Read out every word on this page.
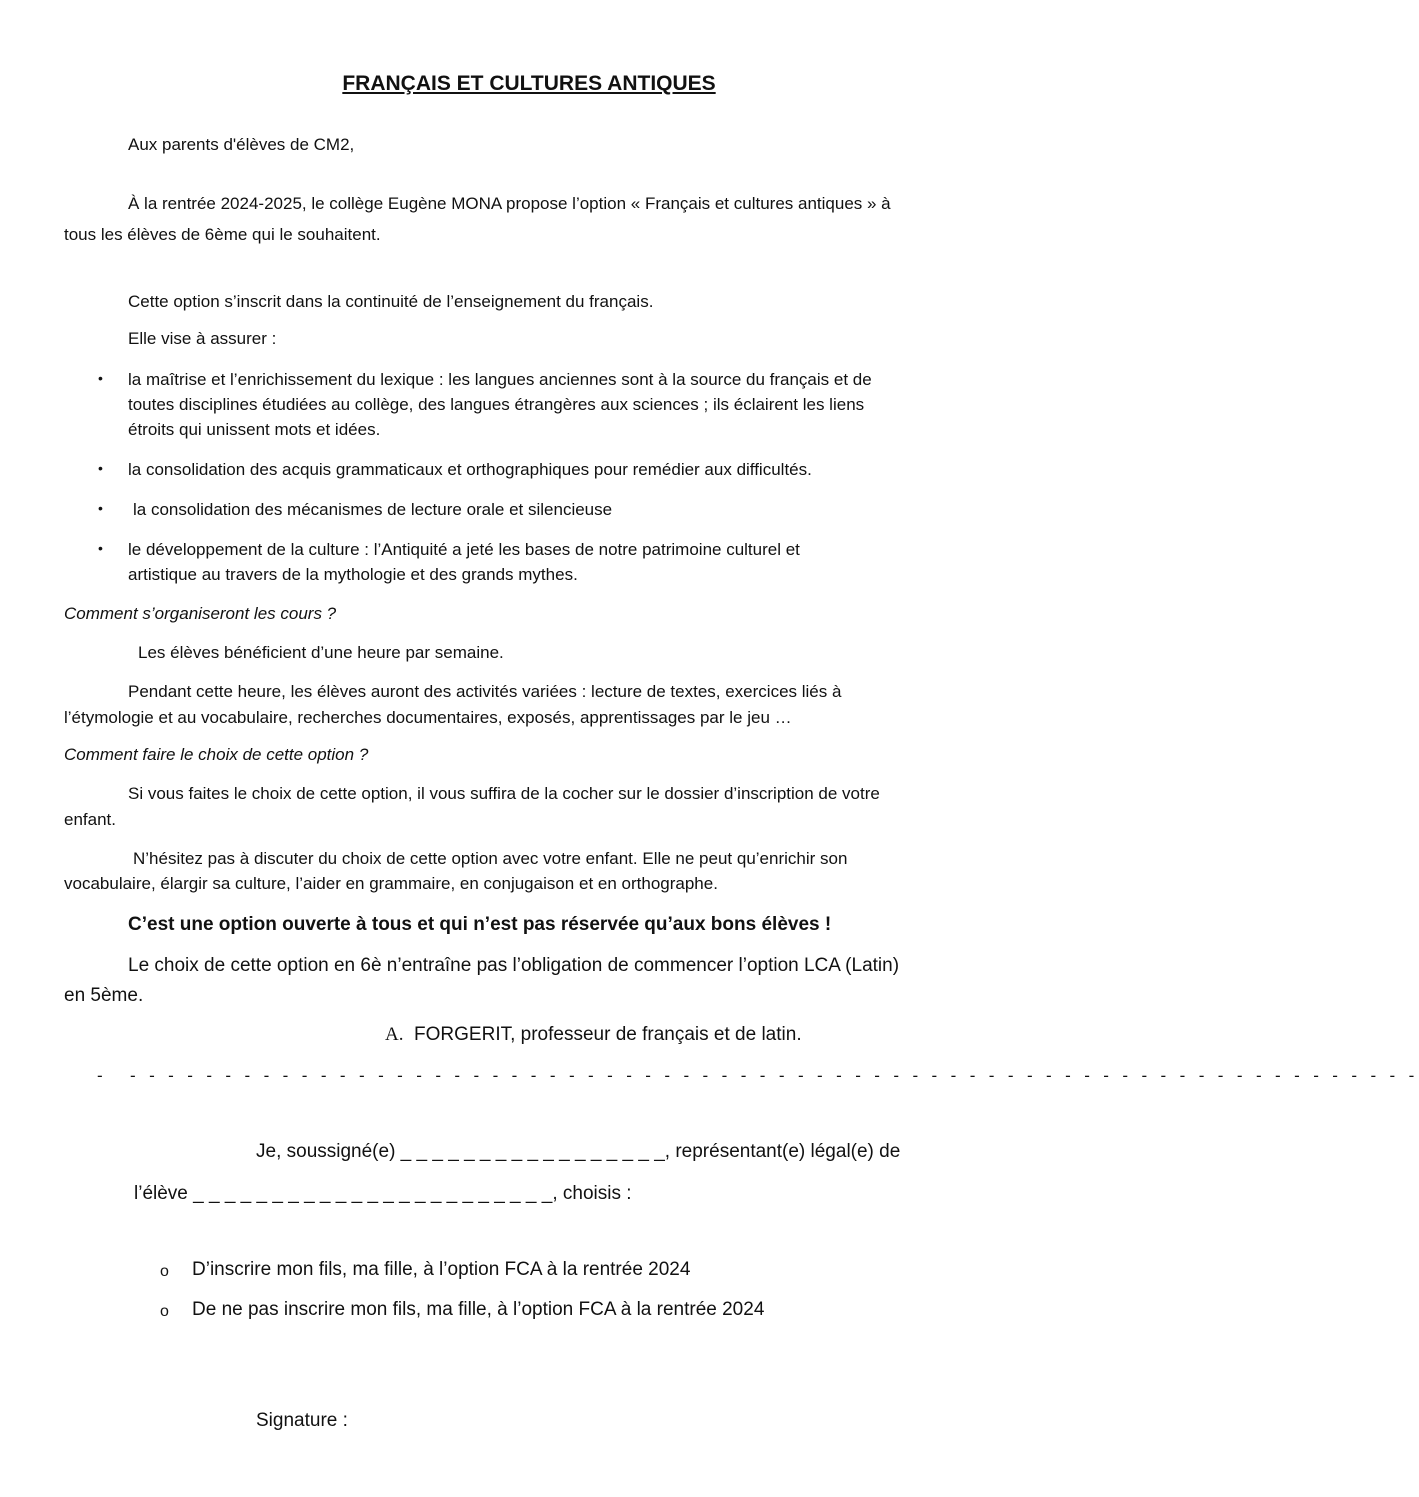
FRANÇAIS ET CULTURES ANTIQUES

Aux parents d'élèves de CM2,

À la rentrée 2024-2025, le collège Eugène MONA propose l’option « Français et cultures antiques » à

tous les élèves de 6ème qui le souhaitent.

Cette option s’inscrit dans la continuité de l’enseignement du français.

Elle vise à assurer :

• la maîtrise et l’enrichissement du lexique : les langues anciennes sont à la source du français et de

toutes disciplines étudiées au collège, des langues étrangères aux sciences ; ils éclairent les liens

étroits qui unissent mots et idées.

• la consolidation des acquis grammaticaux et orthographiques pour remédier aux difficultés.

• la consolidation des mécanismes de lecture orale et silencieuse

• le développement de la culture : l’Antiquité a jeté les bases de notre patrimoine culturel et

artistique au travers de la mythologie et des grands mythes.

Comment s’organiseront les cours ?

Les élèves bénéficient d’une heure par semaine.

Pendant cette heure, les élèves auront des activités variées : lecture de textes, exercices liés à

l’étymologie et au vocabulaire, recherches documentaires, exposés, apprentissages par le jeu …

Comment faire le choix de cette option ?

Si vous faites le choix de cette option, il vous suffira de la cocher sur le dossier d’inscription de votre

enfant.

N’hésitez pas à discuter du choix de cette option avec votre enfant. Elle ne peut qu’enrichir son

vocabulaire, élargir sa culture, l’aider en grammaire, en conjugaison et en orthographe.

C’est une option ouverte à tous et qui n’est pas réservée qu’aux bons élèves !

Le choix de cette option en 6è n’entraîne pas l’obligation de commencer l’option LCA (Latin)

en 5ème.

A. FORGERIT, professeur de français et de latin.

- - - - - - - - - - - - - - - - - - - - - - - - - - - - - - - - - - - - - - - - - - - - - - - - - - - - - - - - - - - - - - - - - - - - -

Je, soussigné(e) _ _ _ _ _ _ _ _ _ _ _ _ _ _ _ _ _, représentant(e) légal(e) de

l’élève _ _ _ _ _ _ _ _ _ _ _ _ _ _ _ _ _ _ _ _ _ _ _, choisis :

o D’inscrire mon fils, ma fille, à l’option FCA à la rentrée 2024

o De ne pas inscrire mon fils, ma fille, à l’option FCA à la rentrée 2024

Signature :
